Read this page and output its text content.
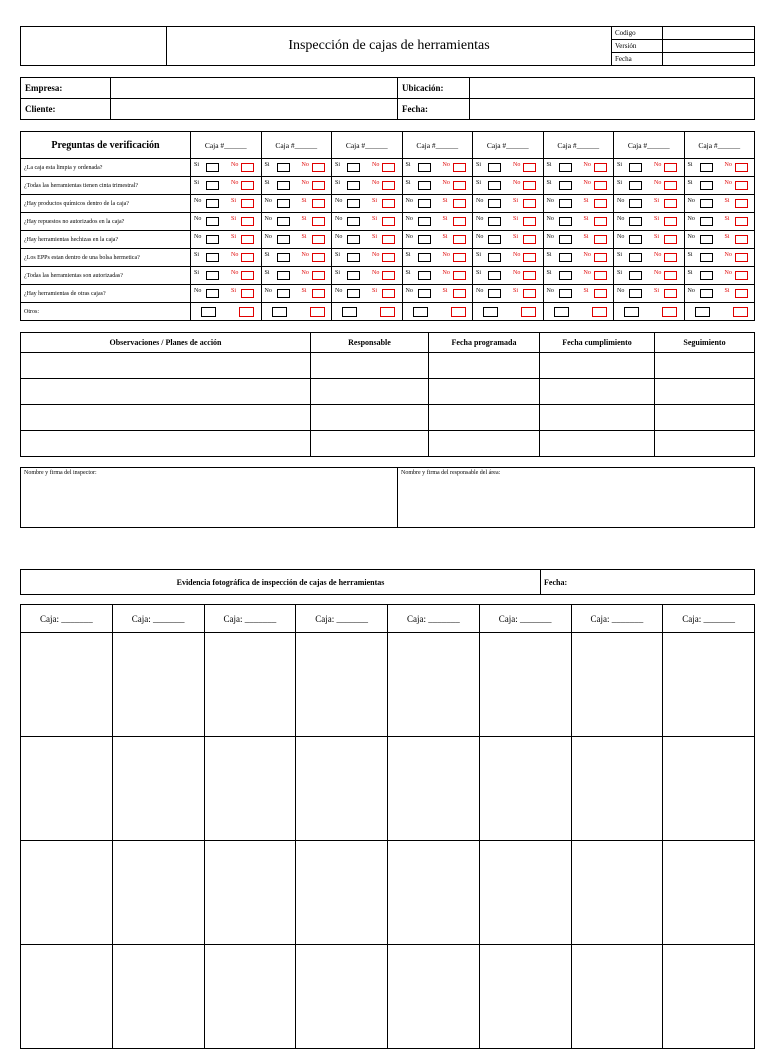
	Inspección de cajas de herramientas	Codigo	
		Versión	
		Fecha	
Empresa:		Ubicación:	
Cliente:		Fecha:	
Preguntas de verificación	Caja #______	Caja #______	Caja #______	Caja #______	Caja #______	Caja #______	Caja #______	Caja #______
¿La caja esta limpia y ordenada?	Si No	Si No	Si No	Si No	Si No	Si No	Si No	Si No

¿Todas las herramientas tienen cinta trimestral?	Si No	Si No	Si No	Si No	Si No	Si No	Si No	Si No

¿Hay productos químicos dentro de la caja?	No Si	No Si	No Si	No Si	No Si	No Si	No Si	No Si

¿Hay repuestos no autorizados en la caja?	No Si	No Si	No Si	No Si	No Si	No Si	No Si	No Si

¿Hay herramientas hechizas en la caja?	No Si	No Si	No Si	No Si	No Si	No Si	No Si	No Si

¿Los EPPs estan dentro de una bolsa hermetica?	Si No	Si No	Si No	Si No	Si No	Si No	Si No	Si No

¿Todas las herramientas son autorizadas?	Si No	Si No	Si No	Si No	Si No	Si No	Si No	Si No

¿Hay herramientas de otras cajas?	No Si	No Si	No Si	No Si	No Si	No Si	No Si	No Si

Otros:	

Observaciones / Planes de acción	Responsable	Fecha programada	Fecha cumplimiento	Seguimiento

Nombre y firma del inspector:	Nombre y firma del responsable del área:
Evidencia fotográfica de inspección de cajas de herramientas	Fecha:
Caja: _______	Caja: _______	Caja: _______	Caja: _______	Caja: _______	Caja: _______	Caja: _______	Caja: _______
